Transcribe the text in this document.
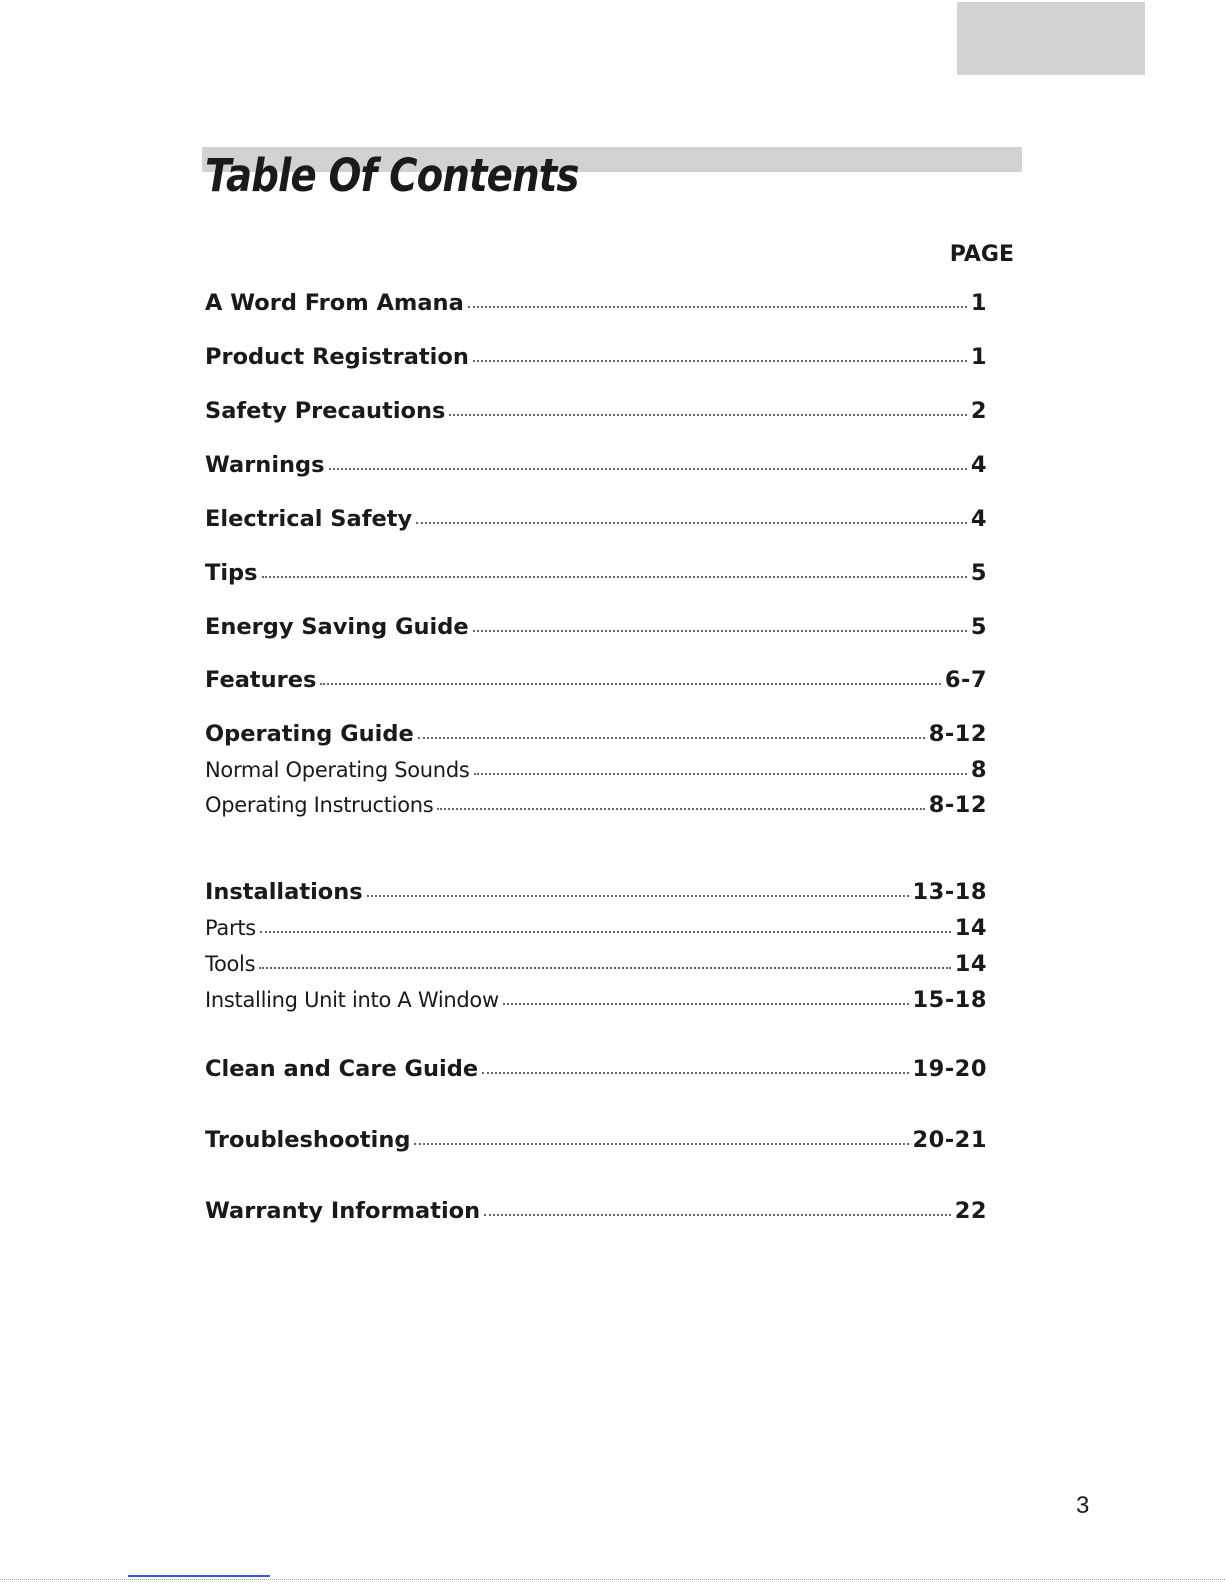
Table Of Contents
PAGE
A Word From Amana	1
Product Registration	1
Safety Precautions	2
Warnings	4
Electrical Safety	4
Tips	5
Energy Saving Guide	5
Features	6-7
Operating Guide	8-12
Normal Operating Sounds	8
Operating Instructions	8-12
Installations	13-18
Parts	14
Tools	14
Installing Unit into A Window	15-18
Clean and Care Guide	19-20
Troubleshooting	20-21
Warranty Information	22
3
